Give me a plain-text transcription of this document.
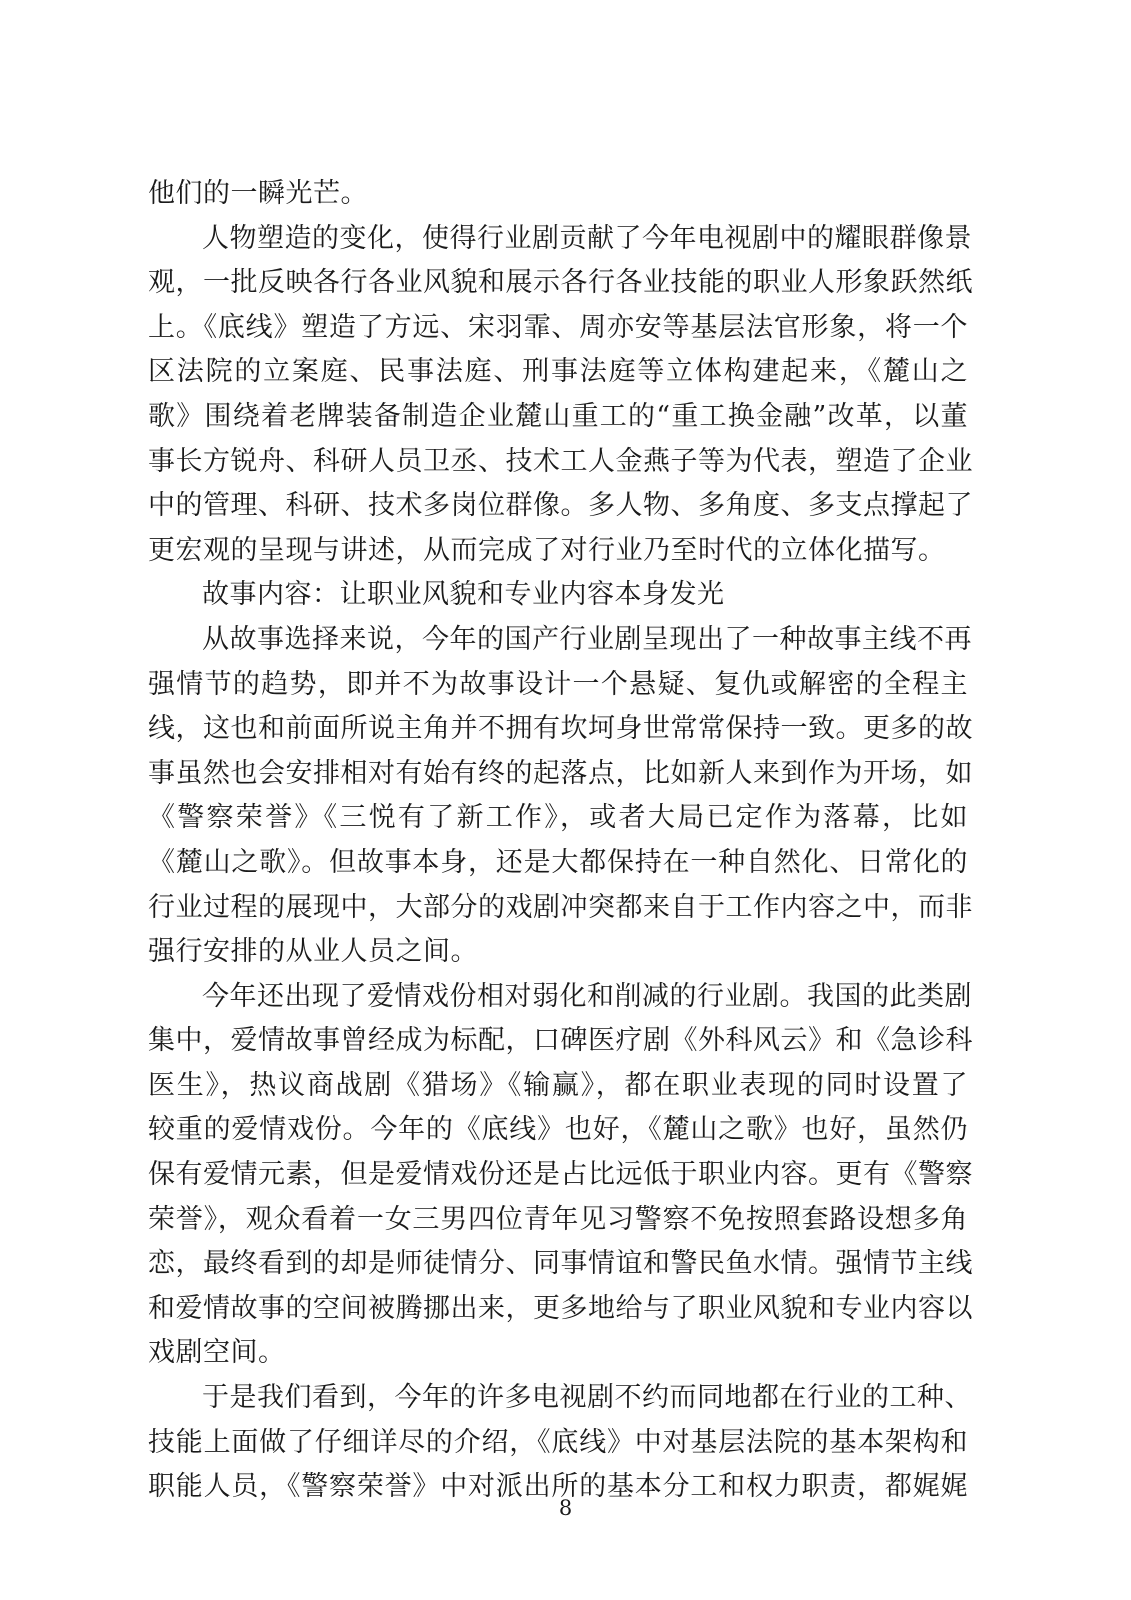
他们的一瞬光芒。
人物塑造的变化，使得行业剧贡献了今年电视剧中的耀眼群像景
观，一批反映各行各业风貌和展示各行各业技能的职业人形象跃然纸
上。《底线》塑造了方远、宋羽霏、周亦安等基层法官形象，将一个
区法院的立案庭、民事法庭、刑事法庭等立体构建起来，《麓山之
歌》围绕着老牌装备制造企业麓山重工的“重工换金融”改革，以董
事长方锐舟、科研人员卫丞、技术工人金燕子等为代表，塑造了企业
中的管理、科研、技术多岗位群像。多人物、多角度、多支点撑起了
更宏观的呈现与讲述，从而完成了对行业乃至时代的立体化描写。
故事内容：让职业风貌和专业内容本身发光
从故事选择来说，今年的国产行业剧呈现出了一种故事主线不再
强情节的趋势，即并不为故事设计一个悬疑、复仇或解密的全程主
线，这也和前面所说主角并不拥有坎坷身世常常保持一致。更多的故
事虽然也会安排相对有始有终的起落点，比如新人来到作为开场，如
《警察荣誉》《三悦有了新工作》，或者大局已定作为落幕，比如
《麓山之歌》。但故事本身，还是大都保持在一种自然化、日常化的
行业过程的展现中，大部分的戏剧冲突都来自于工作内容之中，而非
强行安排的从业人员之间。
今年还出现了爱情戏份相对弱化和削减的行业剧。我国的此类剧
集中，爱情故事曾经成为标配，口碑医疗剧《外科风云》和《急诊科
医生》，热议商战剧《猎场》《输赢》，都在职业表现的同时设置了
较重的爱情戏份。今年的《底线》也好，《麓山之歌》也好，虽然仍
保有爱情元素，但是爱情戏份还是占比远低于职业内容。更有《警察
荣誉》，观众看着一女三男四位青年见习警察不免按照套路设想多角
恋，最终看到的却是师徒情分、同事情谊和警民鱼水情。强情节主线
和爱情故事的空间被腾挪出来，更多地给与了职业风貌和专业内容以
戏剧空间。
于是我们看到，今年的许多电视剧不约而同地都在行业的工种、
技能上面做了仔细详尽的介绍，《底线》中对基层法院的基本架构和
职能人员，《警察荣誉》中对派出所的基本分工和权力职责，都娓娓
8
